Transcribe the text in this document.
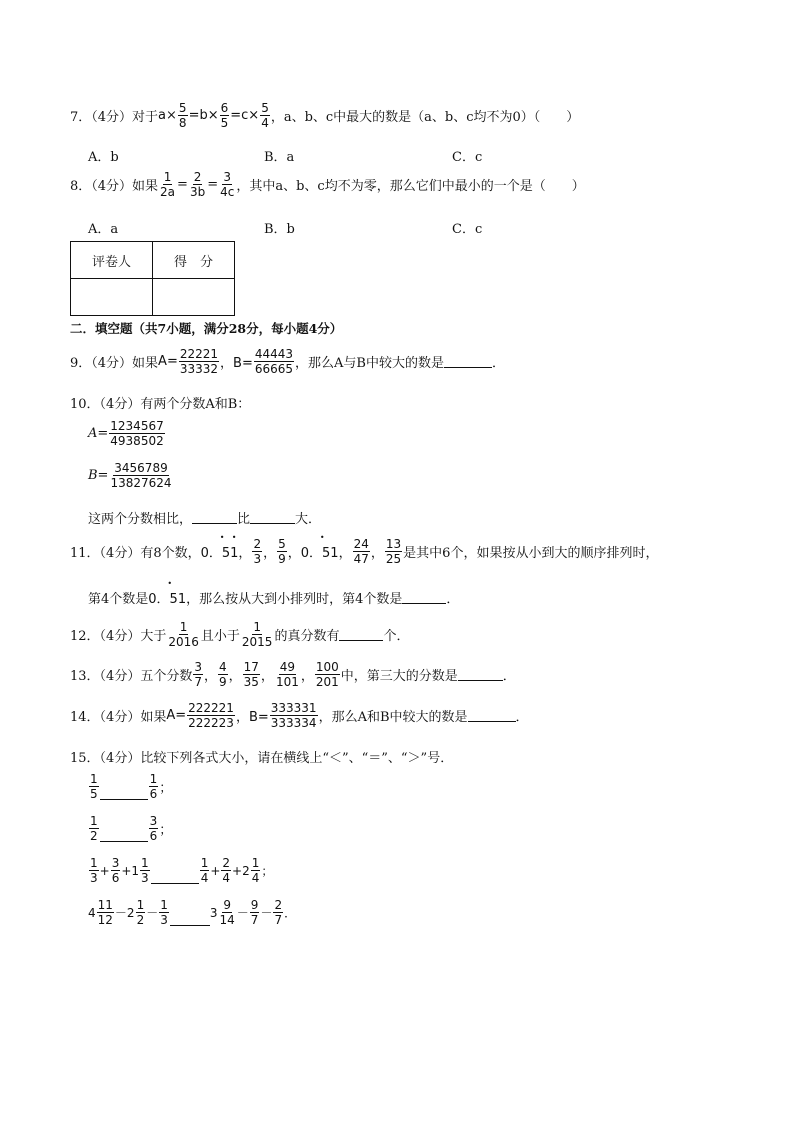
7．（4分）对于 $a \times \frac{5}{8} =b\times \frac{6}{5} =c\times \frac{5}{4}$ ，a、b、c中最大的数是（a、b、c均不为0）（　　）
A．b	B．a	C．c
8．（4分）如果 $\frac{1}{2a} = \frac{2}{3b} = \frac{3}{4c}$ ，其中a、b、c均不为零，那么它们中最小的一个是（　　）
A．a	B．b	C．c
评卷人	得　分

二．填空题（共7小题，满分28分，每小题4分）
9．（4分）如果 $A= \frac{22221}{33332}$ ，$B= \frac{44443}{66665}$ ，那么A与B中较大的数是	．
10．（4分）有两个分数A和B：
$A= \frac{1234567}{4938502}$
$B= \frac{3456789}{13827624}$
这两个分数相比，	比	大．
11．（4分）有8个数， 0．51
• •
， $\frac{2}{3}$ ， $\frac{5}{9}$ ， 0．51
•
， $\frac{24}{47}$ ， $\frac{13}{25}$ 是其中6个，如果按从小到大的顺序排列时，
第4个数是 0．51
•
，那么按从大到小排列时，第4个数是	．
12．（4分）大于 $\frac{1}{2016}$ 且小于 $\frac{1}{2015}$ 的真分数有	个．
13．（4分）五个分数 $\frac{3}{7}$ ， $\frac{4}{9}$ ， $\frac{17}{35}$ ， $\frac{49}{101}$ ， $\frac{100}{201}$ 中，第三大的分数是	．
14．（4分）如果 $A= \frac{222221}{222223}$ ，$B= \frac{333331}{333334}$ ，那么A和B中较大的数是	．
15．（4分）比较下列各式大小，请在横线上“＜”、“＝”、“＞”号．
$\frac{1}{5}$	$\frac{1}{6}$ ；
$\frac{1}{2}$	$\frac{3}{6}$ ；
$\frac{1}{3} + \frac{3}{6} +1 \frac{1}{3}$	$\frac{1}{4} + \frac{2}{4} +2 \frac{1}{4}$ ；
$4 \frac{11}{12} -2 \frac{1}{2} - \frac{1}{3}$	$3 \frac{9}{14} - \frac{9}{7} - \frac{2}{7}$ ．
